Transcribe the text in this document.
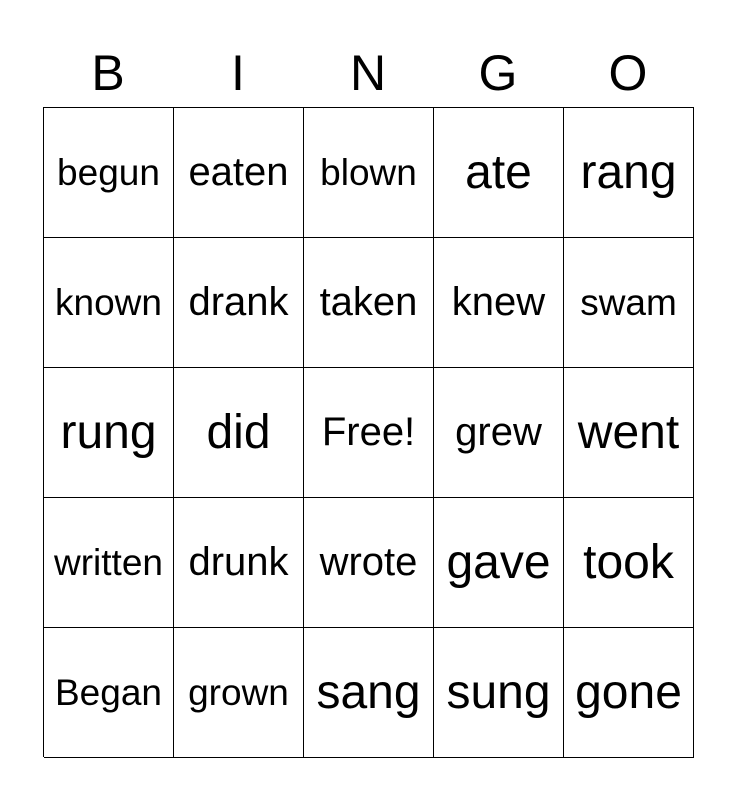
B	I	N	G	O
begun eaten blown	ate	rang
known drank taken knew swam
rung	did	Free! grew went
written drunk wrote gave took
Began grown sang sung gone
